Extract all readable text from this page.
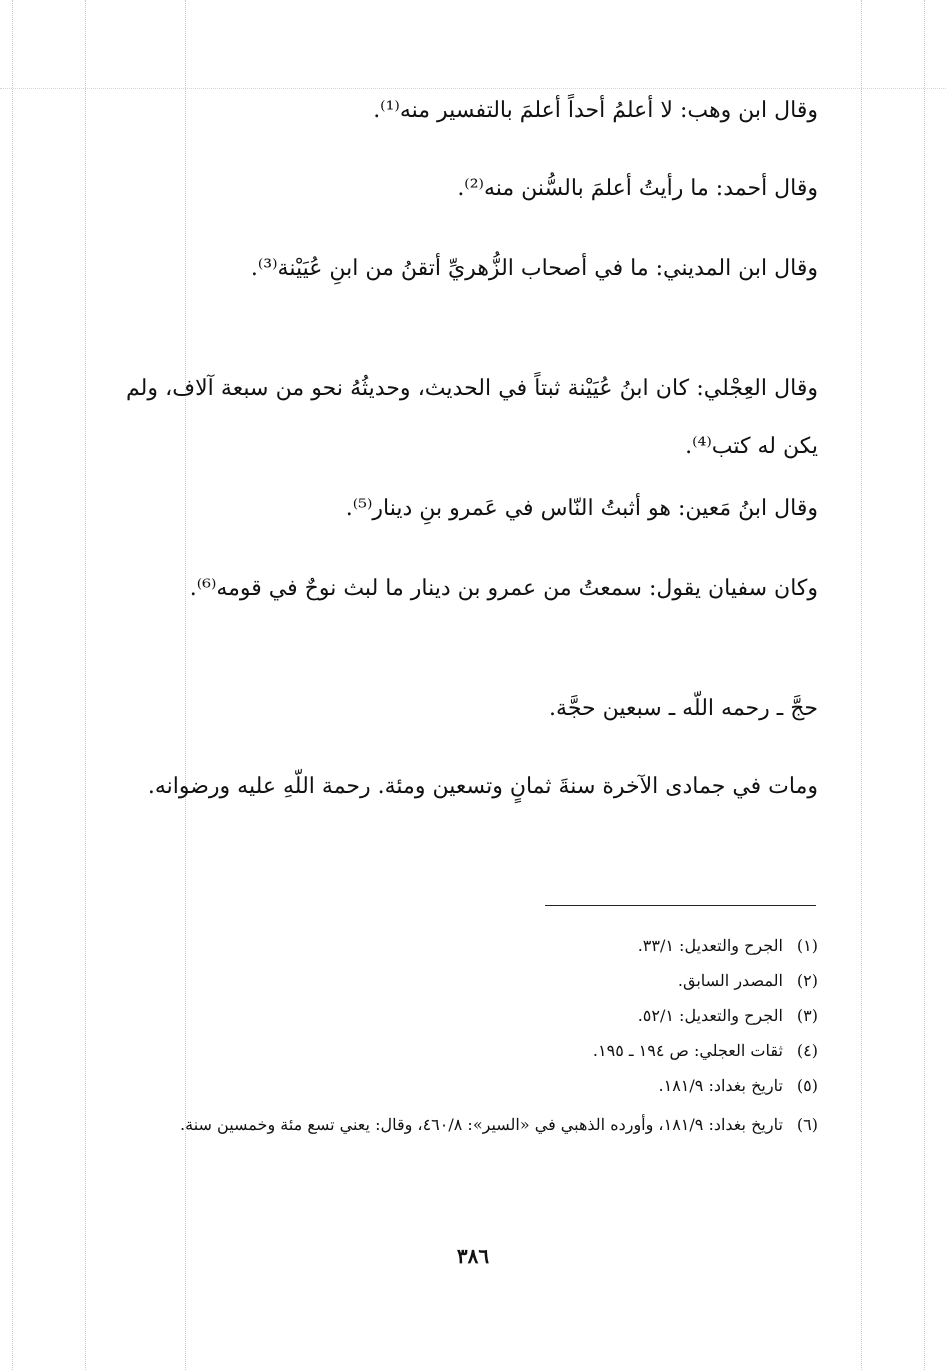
وقال ابن وهب: لا أعلمُ أحداً أعلمَ بالتفسير منه⁽¹⁾.

وقال أحمد: ما رأيتُ أعلمَ بالسُّنن منه⁽²⁾.

وقال ابن المديني: ما في أصحاب الزُّهريِّ أتقنُ من ابنِ عُيَيْنة⁽³⁾.

وقال العِجْلي: كان ابنُ عُيَيْنة ثبتاً في الحديث، وحديثُهُ نحو من سبعة آلاف، ولم يكن له كتب⁽⁴⁾.

وقال ابنُ مَعين: هو أثبتُ النّاس في عَمرو بنِ دينار⁽⁵⁾.

وكان سفيان يقول: سمعتُ من عمرو بن دينار ما لبث نوحٌ في قومه⁽⁶⁾.

حجَّ ـ رحمه اللّه ـ سبعين حجَّة.

ومات في جمادى الآخرة سنةَ ثمانٍ وتسعين ومئة. رحمة اللّهِ عليه ورضوانه.

(١) الجرح والتعديل: ٣٣/١.

(٢) المصدر السابق.

(٣) الجرح والتعديل: ٥٢/١.

(٤) ثقات العجلي: ص ١٩٤ ـ ١٩٥.

(٥) تاريخ بغداد: ١٨١/٩.

(٦) تاريخ بغداد: ١٨١/٩، وأورده الذهبي في «السير»: ٤٦٠/٨، وقال: يعني تسع مئة وخمسين سنة.

٣٨٦
